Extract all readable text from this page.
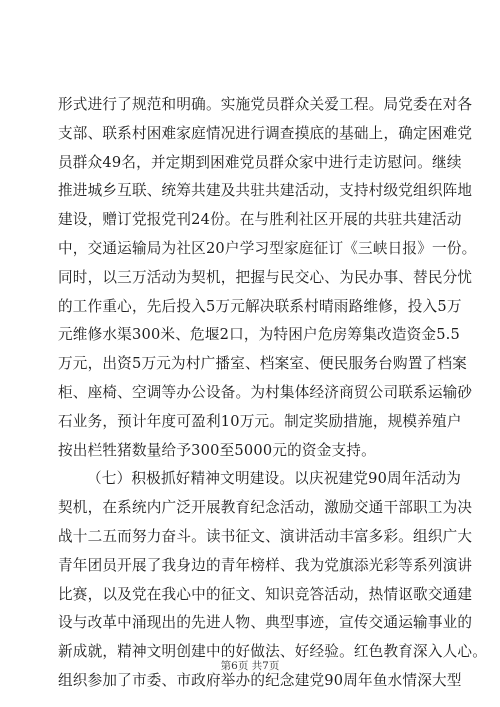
形式进行了规范和明确。实施党员群众关爱工程。局党委在对各
支部、联系村困难家庭情况进行调查摸底的基础上，确定困难党
员群众49名，并定期到困难党员群众家中进行走访慰问。继续
推进城乡互联、统筹共建及共驻共建活动，支持村级党组织阵地
建设，赠订党报党刊24份。在与胜利社区开展的共驻共建活动
中，交通运输局为社区20户学习型家庭征订《三峡日报》一份。
同时，以三万活动为契机，把握与民交心、为民办事、替民分忧
的工作重心，先后投入5万元解决联系村晴雨路维修，投入5万
元维修水渠300米、危堰2口，为特困户危房筹集改造资金5.5
万元，出资5万元为村广播室、档案室、便民服务台购置了档案
柜、座椅、空调等办公设备。为村集体经济商贸公司联系运输砂
石业务，预计年度可盈利10万元。制定奖励措施，规模养殖户
按出栏牲猪数量给予300至5000元的资金支持。
（七）积极抓好精神文明建设。以庆祝建党90周年活动为
契机，在系统内广泛开展教育纪念活动，激励交通干部职工为决
战十二五而努力奋斗。读书征文、演讲活动丰富多彩。组织广大
青年团员开展了我身边的青年榜样、我为党旗添光彩等系列演讲
比赛，以及党在我心中的征文、知识竞答活动，热情讴歌交通建
设与改革中涌现出的先进人物、典型事迹，宣传交通运输事业的
新成就，精神文明创建中的好做法、好经验。红色教育深入人心。
组织参加了市委、市政府举办的纪念建党90周年鱼水情深大型
第6页 共7页
